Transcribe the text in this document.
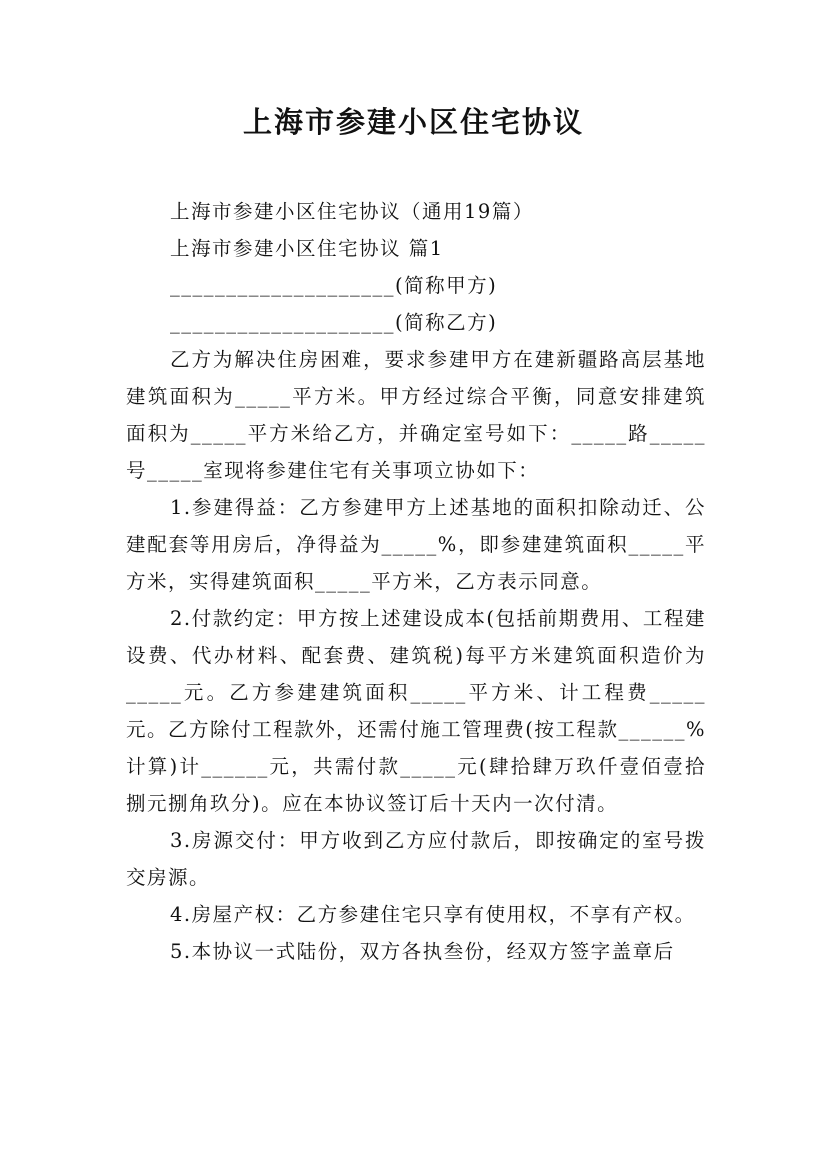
上海市参建小区住宅协议

上海市参建小区住宅协议（通用19篇）

上海市参建小区住宅协议 篇1

____________________(简称甲方)

____________________(简称乙方)

乙方为解决住房困难，要求参建甲方在建新疆路高层基地建筑面积为_____平方米。甲方经过综合平衡，同意安排建筑面积为_____平方米给乙方，并确定室号如下：_____路_____号_____室现将参建住宅有关事项立协如下：

1.参建得益：乙方参建甲方上述基地的面积扣除动迁、公建配套等用房后，净得益为_____%，即参建建筑面积_____平方米，实得建筑面积_____平方米，乙方表示同意。

2.付款约定：甲方按上述建设成本(包括前期费用、工程建设费、代办材料、配套费、建筑税)每平方米建筑面积造价为_____元。乙方参建建筑面积_____平方米、计工程费_____元。乙方除付工程款外，还需付施工管理费(按工程款______%计算)计______元，共需付款_____元(肆拾肆万玖仟壹佰壹拾捌元捌角玖分)。应在本协议签订后十天内一次付清。

3.房源交付：甲方收到乙方应付款后，即按确定的室号拨交房源。

4.房屋产权：乙方参建住宅只享有使用权，不享有产权。

5.本协议一式陆份，双方各执叁份，经双方签字盖章后
